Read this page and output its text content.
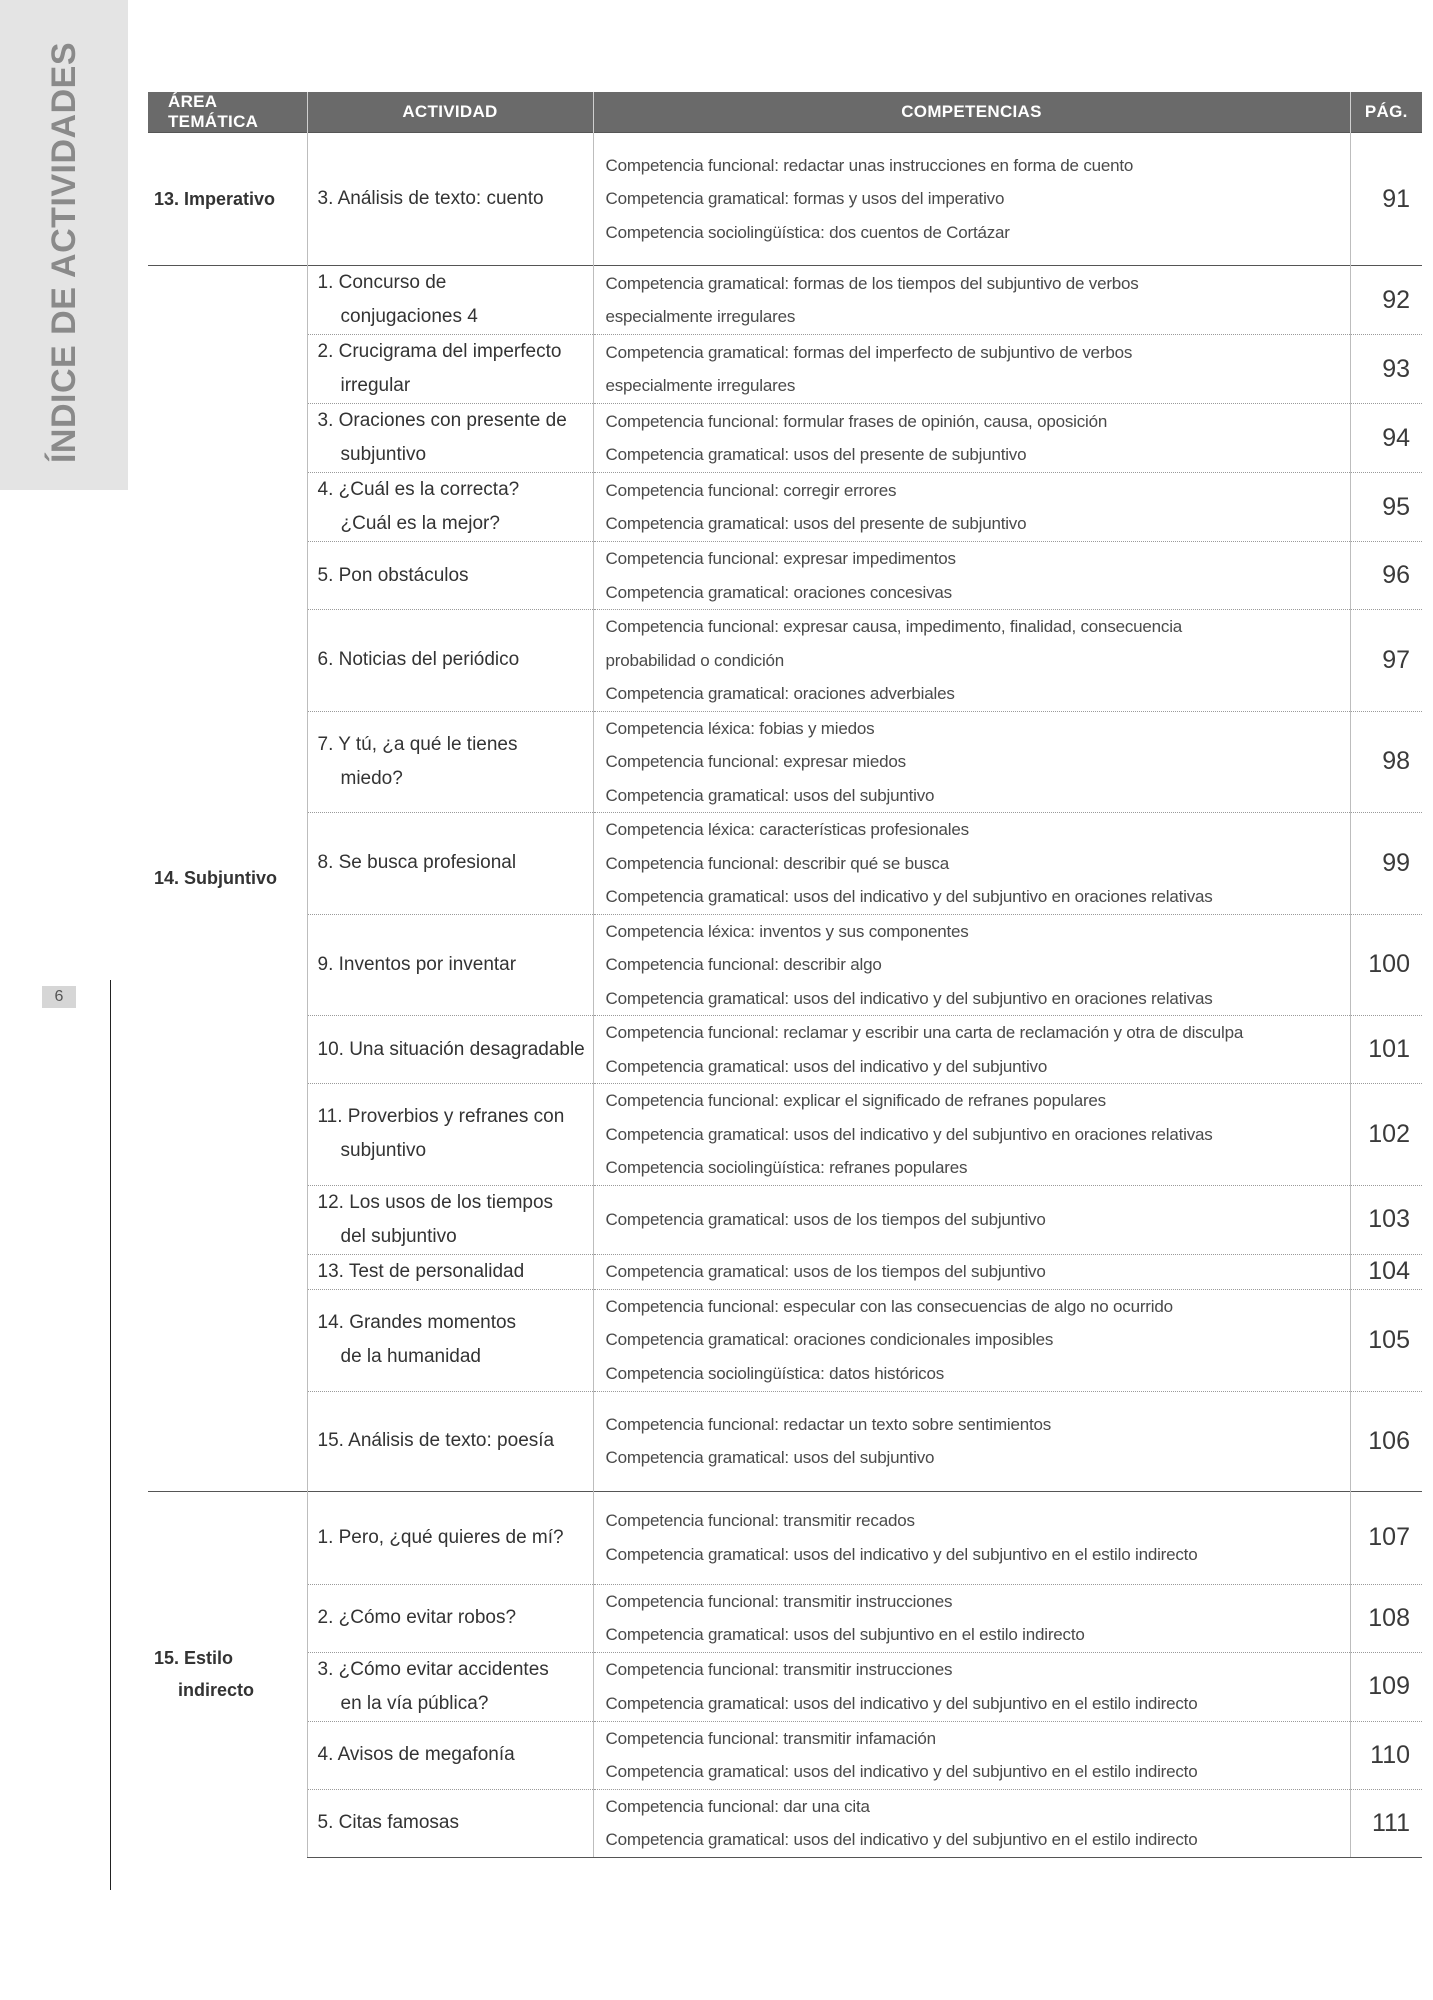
ÍNDICE DE ACTIVIDADES
6
ÁREA TEMÁTICA	ACTIVIDAD	COMPETENCIAS	PÁG.
13. Imperativo	3. Análisis de texto: cuento	Competencia funcional: redactar unas instrucciones en forma de cuento
Competencia gramatical: formas y usos del imperativo
Competencia sociolingüística: dos cuentos de Cortázar	91
14. Subjuntivo	1. Concurso de
conjugaciones 4	Competencia gramatical: formas de los tiempos del subjuntivo de verbos
especialmente irregulares	92

	2. Crucigrama del imperfecto
irregular	Competencia gramatical: formas del imperfecto de subjuntivo de verbos
especialmente irregulares	93

	3. Oraciones con presente de
subjuntivo	Competencia funcional: formular frases de opinión, causa, oposición
Competencia gramatical: usos del presente de subjuntivo	94

	4. ¿Cuál es la correcta?
¿Cuál es la mejor?	Competencia funcional: corregir errores
Competencia gramatical: usos del presente de subjuntivo	95

	5. Pon obstáculos	Competencia funcional: expresar impedimentos
Competencia gramatical: oraciones concesivas	96

	6. Noticias del periódico	Competencia funcional: expresar causa, impedimento, finalidad, consecuencia
probabilidad o condición
Competencia gramatical: oraciones adverbiales	97

	7. Y tú, ¿a qué le tienes
miedo?	Competencia léxica: fobias y miedos
Competencia funcional: expresar miedos
Competencia gramatical: usos del subjuntivo	98

	8. Se busca profesional	Competencia léxica: características profesionales
Competencia funcional: describir qué se busca
Competencia gramatical: usos del indicativo y del subjuntivo en oraciones relativas	99

	9. Inventos por inventar	Competencia léxica: inventos y sus componentes
Competencia funcional: describir algo
Competencia gramatical: usos del indicativo y del subjuntivo en oraciones relativas	100

	10. Una situación desagradable	Competencia funcional: reclamar y escribir una carta de reclamación y otra de disculpa
Competencia gramatical: usos del indicativo y del subjuntivo	101

	11. Proverbios y refranes con
subjuntivo	Competencia funcional: explicar el significado de refranes populares
Competencia gramatical: usos del indicativo y del subjuntivo en oraciones relativas
Competencia sociolingüística: refranes populares	102

	12. Los usos de los tiempos
del subjuntivo	Competencia gramatical: usos de los tiempos del subjuntivo	103

	13. Test de personalidad	Competencia gramatical: usos de los tiempos del subjuntivo	104

	14. Grandes momentos
de la humanidad	Competencia funcional: especular con las consecuencias de algo no ocurrido
Competencia gramatical: oraciones condicionales imposibles
Competencia sociolingüística: datos históricos	105

	15. Análisis de texto: poesía	Competencia funcional: redactar un texto sobre sentimientos
Competencia gramatical: usos del subjuntivo	106

15. Estilo indirecto	1. Pero, ¿qué quieres de mí?	Competencia funcional: transmitir recados
Competencia gramatical: usos del indicativo y del subjuntivo en el estilo indirecto	107

	2. ¿Cómo evitar robos?	Competencia funcional: transmitir instrucciones
Competencia gramatical: usos del subjuntivo en el estilo indirecto	108

	3. ¿Cómo evitar accidentes
en la vía pública?	Competencia funcional: transmitir instrucciones
Competencia gramatical: usos del indicativo y del subjuntivo en el estilo indirecto	109

	4. Avisos de megafonía	Competencia funcional: transmitir infamación
Competencia gramatical: usos del indicativo y del subjuntivo en el estilo indirecto	110

	5. Citas famosas	Competencia funcional: dar una cita
Competencia gramatical: usos del indicativo y del subjuntivo en el estilo indirecto	111
